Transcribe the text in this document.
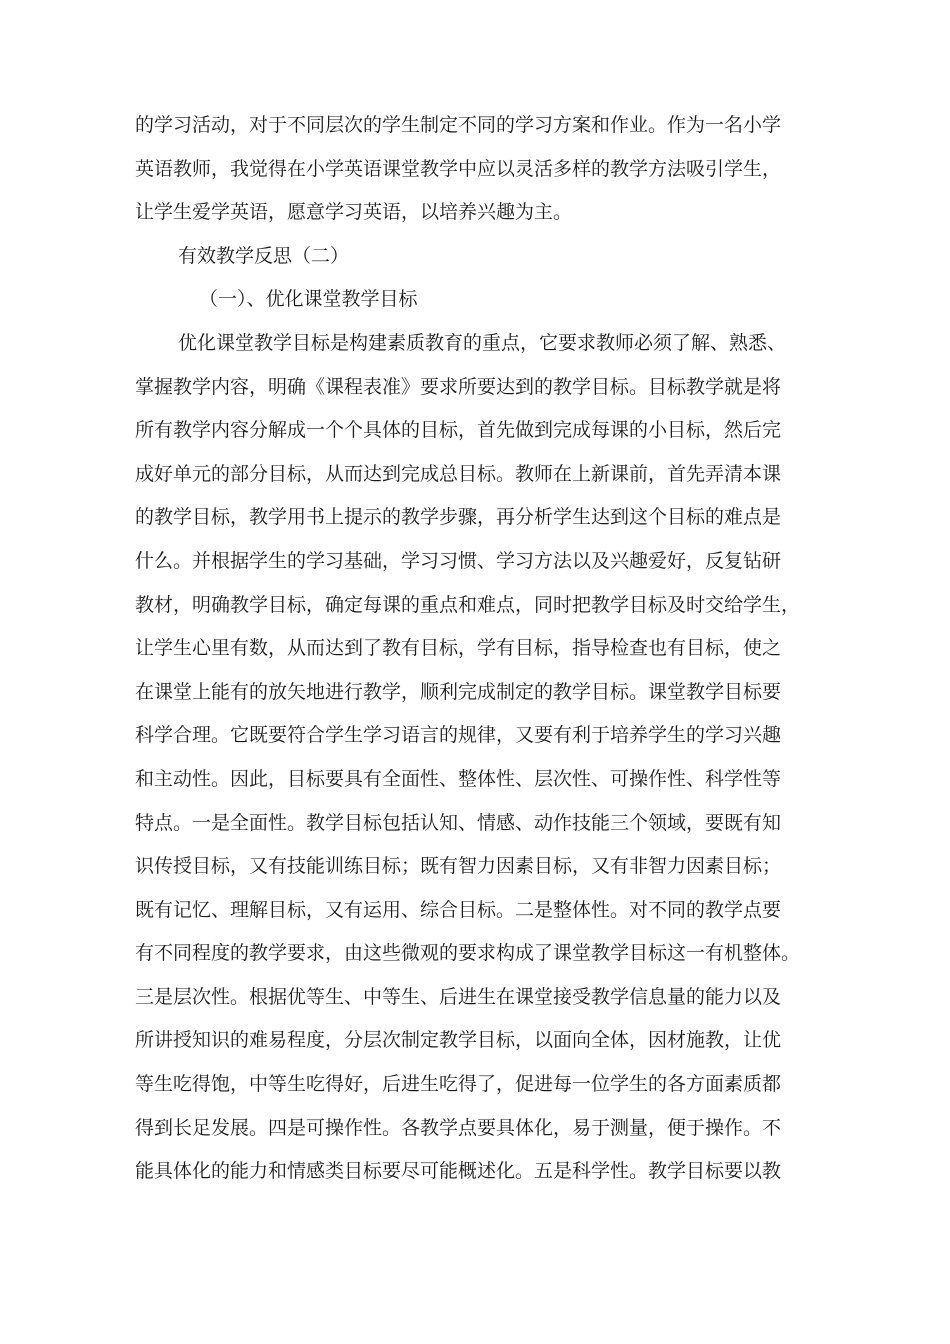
的学习活动，对于不同层次的学生制定不同的学习方案和作业。作为一名小学
英语教师，我觉得在小学英语课堂教学中应以灵活多样的教学方法吸引学生，
让学生爱学英语，愿意学习英语，以培养兴趣为主。
有效教学反思（二）
（一）、优化课堂教学目标
优化课堂教学目标是构建素质教育的重点，它要求教师必须了解、熟悉、
掌握教学内容，明确《课程表准》要求所要达到的教学目标。目标教学就是将
所有教学内容分解成一个个具体的目标，首先做到完成每课的小目标，然后完
成好单元的部分目标，从而达到完成总目标。教师在上新课前，首先弄清本课
的教学目标，教学用书上提示的教学步骤，再分析学生达到这个目标的难点是
什么。并根据学生的学习基础，学习习惯、学习方法以及兴趣爱好，反复钻研
教材，明确教学目标，确定每课的重点和难点，同时把教学目标及时交给学生，
让学生心里有数，从而达到了教有目标，学有目标，指导检查也有目标，使之
在课堂上能有的放矢地进行教学，顺利完成制定的教学目标。课堂教学目标要
科学合理。它既要符合学生学习语言的规律，又要有利于培养学生的学习兴趣
和主动性。因此，目标要具有全面性、整体性、层次性、可操作性、科学性等
特点。一是全面性。教学目标包括认知、情感、动作技能三个领域，要既有知
识传授目标，又有技能训练目标；既有智力因素目标，又有非智力因素目标；
既有记忆、理解目标，又有运用、综合目标。二是整体性。对不同的教学点要
有不同程度的教学要求，由这些微观的要求构成了课堂教学目标这一有机整体。
三是层次性。根据优等生、中等生、后进生在课堂接受教学信息量的能力以及
所讲授知识的难易程度，分层次制定教学目标，以面向全体，因材施教，让优
等生吃得饱，中等生吃得好，后进生吃得了，促进每一位学生的各方面素质都
得到长足发展。四是可操作性。各教学点要具体化，易于测量，便于操作。不
能具体化的能力和情感类目标要尽可能概述化。五是科学性。教学目标要以教
